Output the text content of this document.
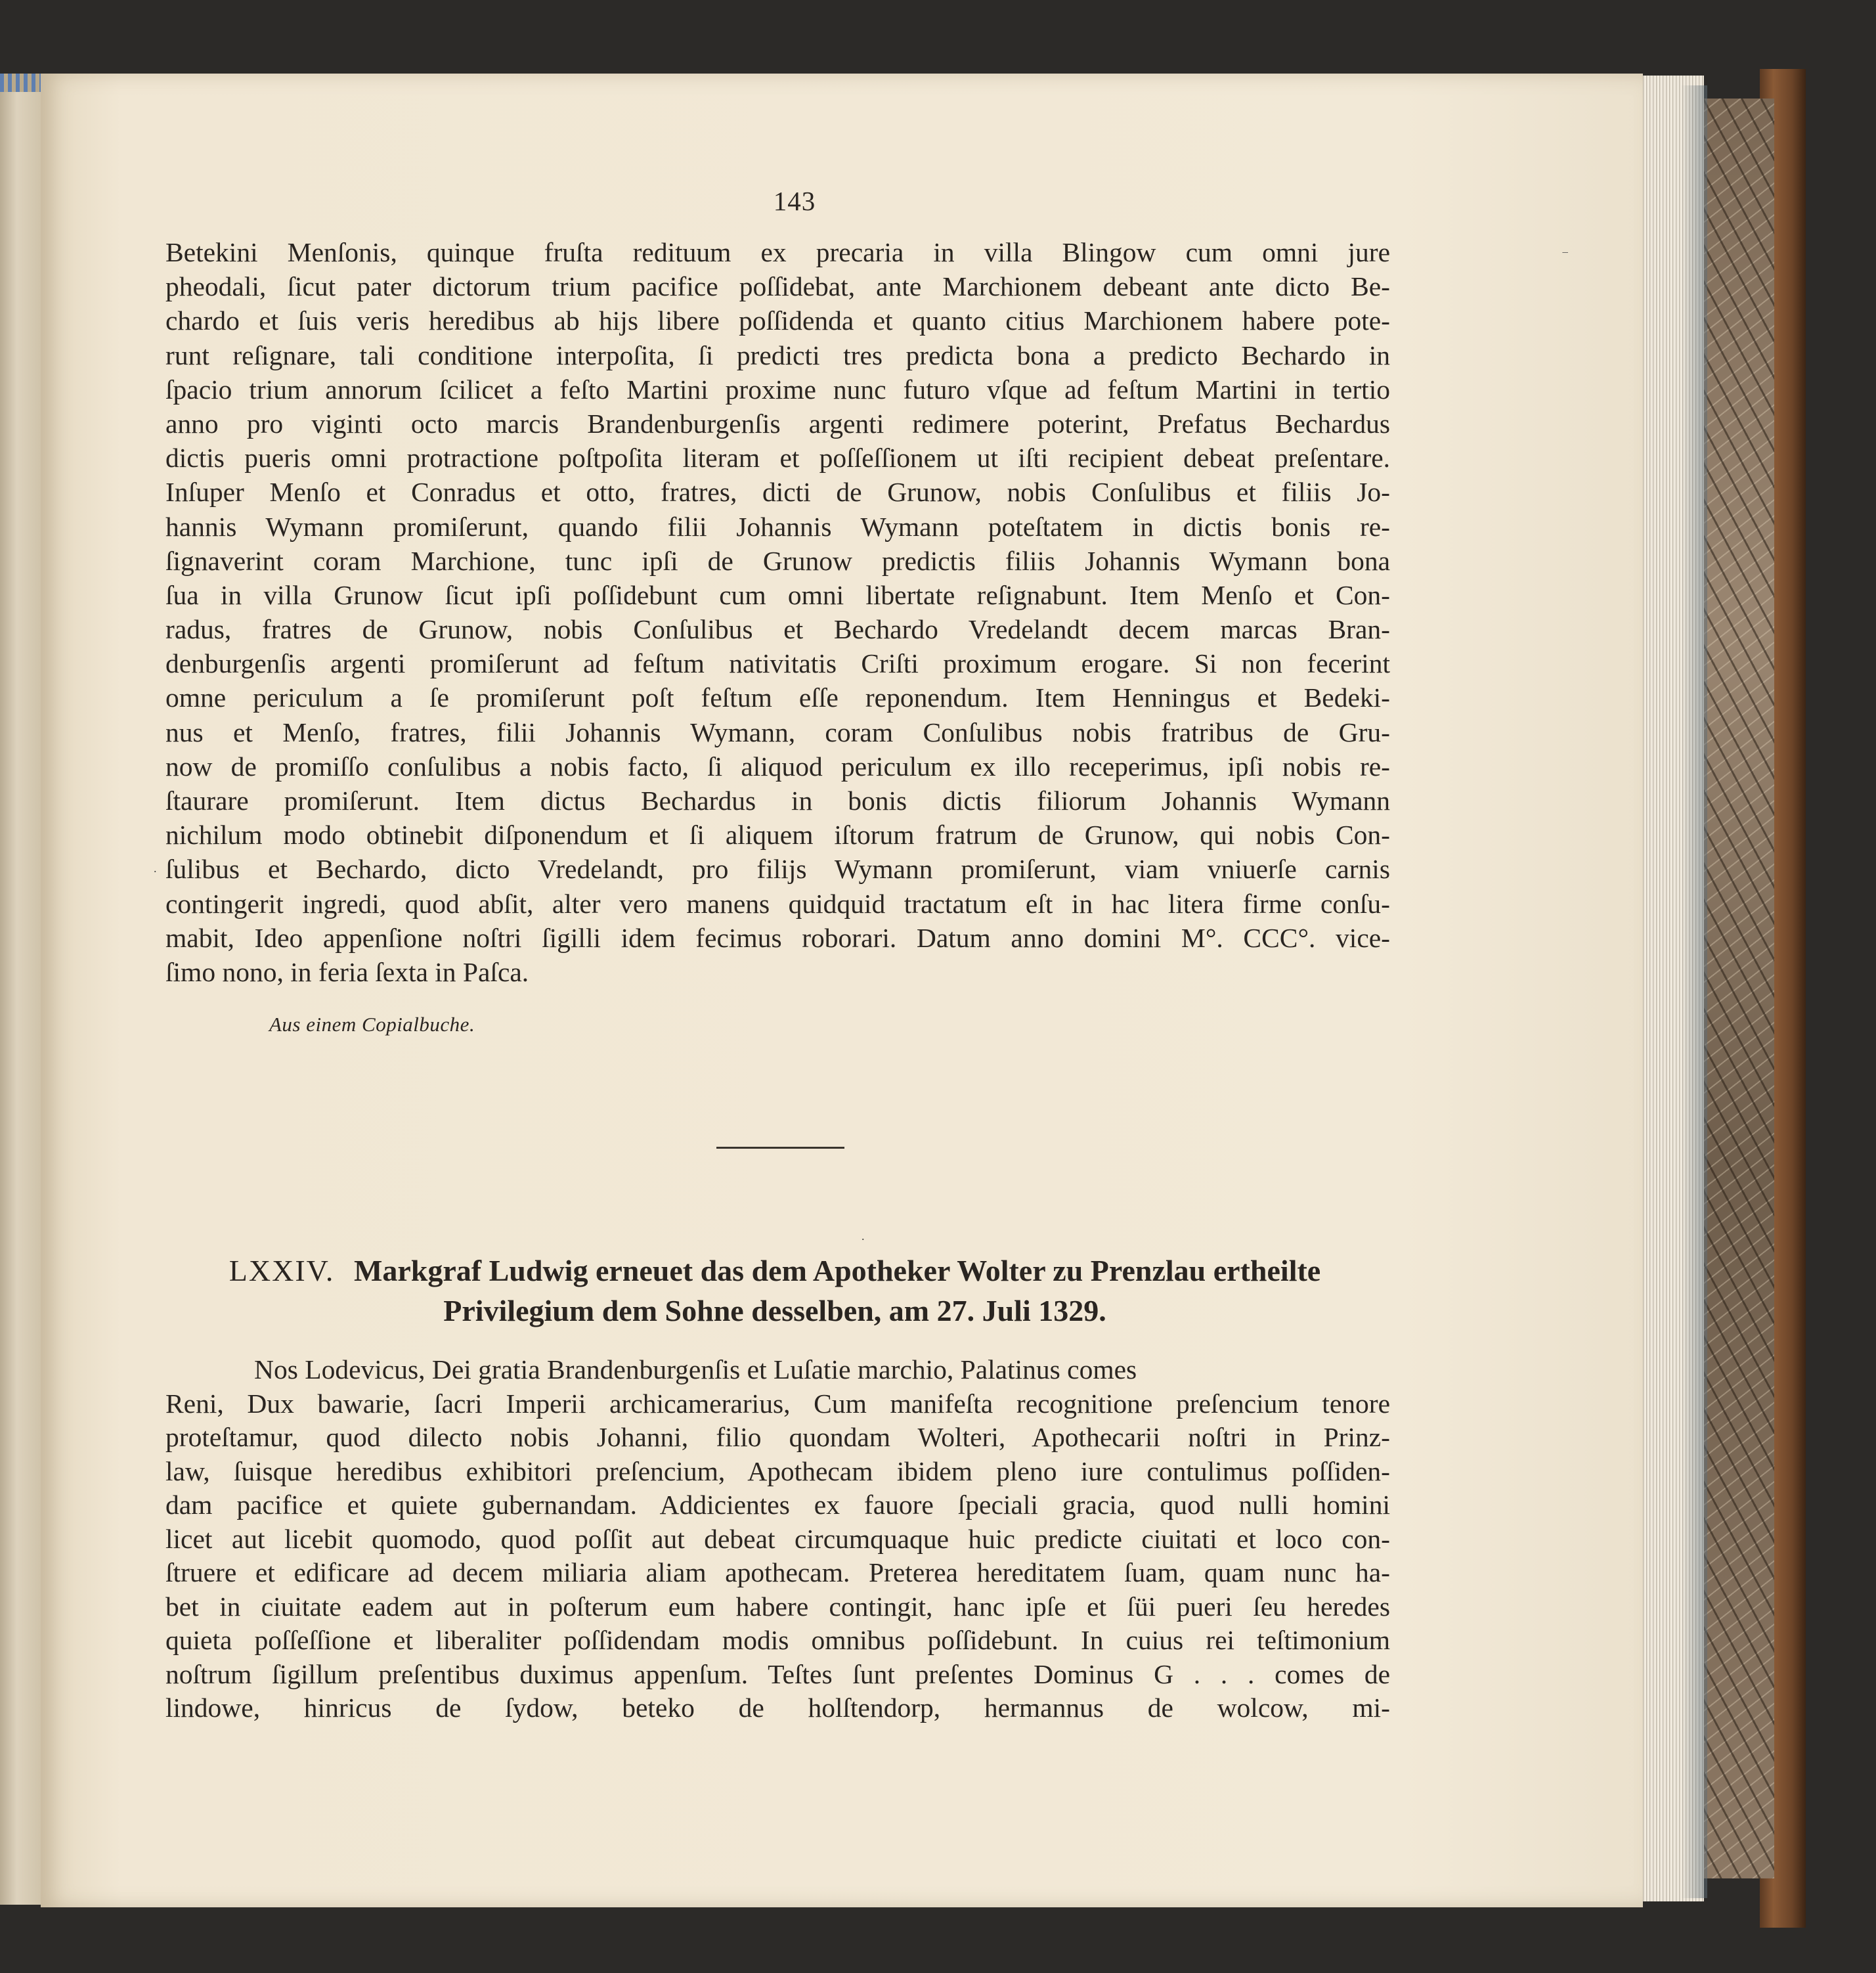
143
Betekini Menſonis, quinque fruſta redituum ex precaria in villa Blingow cum omni jure
pheodali, ſicut pater dictorum trium pacifice poſſidebat, ante Marchionem debeant ante dicto Be-
chardo et ſuis veris heredibus ab hijs libere poſſidenda et quanto citius Marchionem habere pote-
runt reſignare, tali conditione interpoſita, ſi predicti tres predicta bona a predicto Bechardo in
ſpacio trium annorum ſcilicet a feſto Martini proxime nunc futuro vſque ad feſtum Martini in tertio
anno pro viginti octo marcis Brandenburgenſis argenti redimere poterint, Prefatus Bechardus
dictis pueris omni protractione poſtpoſita literam et poſſeſſionem ut iſti recipient debeat preſentare.
Inſuper Menſo et Conradus et otto, fratres, dicti de Grunow, nobis Conſulibus et filiis Jo-
hannis Wymann promiſerunt, quando filii Johannis Wymann poteſtatem in dictis bonis re-
ſignaverint coram Marchione, tunc ipſi de Grunow predictis filiis Johannis Wymann bona
ſua in villa Grunow ſicut ipſi poſſidebunt cum omni libertate reſignabunt. Item Menſo et Con-
radus, fratres de Grunow, nobis Conſulibus et Bechardo Vredelandt decem marcas Bran-
denburgenſis argenti promiſerunt ad feſtum nativitatis Criſti proximum erogare. Si non fecerint
omne periculum a ſe promiſerunt poſt feſtum eſſe reponendum. Item Henningus et Bedeki-
nus et Menſo, fratres, filii Johannis Wymann, coram Conſulibus nobis fratribus de Gru-
now de promiſſo conſulibus a nobis facto, ſi aliquod periculum ex illo receperimus, ipſi nobis re-
ſtaurare promiſerunt. Item dictus Bechardus in bonis dictis filiorum Johannis Wymann
nichilum modo obtinebit diſponendum et ſi aliquem iſtorum fratrum de Grunow, qui nobis Con-
ſulibus et Bechardo, dicto Vredelandt, pro filijs Wymann promiſerunt, viam vniuerſe carnis
contingerit ingredi, quod abſit, alter vero manens quidquid tractatum eſt in hac litera firme conſu-
mabit, Ideo appenſione noſtri ſigilli idem fecimus roborari. Datum anno domini M°. CCC°. vice-
ſimo nono, in feria ſexta in Paſca.
Aus einem Copialbuche.
.
‾
.
LXXIV. Markgraf Ludwig erneuet das dem Apotheker Wolter zu Prenzlau ertheilte
Privilegium dem Sohne desselben, am 27. Juli 1329.
Nos Lodevicus, Dei gratia Brandenburgenſis et Luſatie marchio, Palatinus comes
Reni, Dux bawarie, ſacri Imperii archicamerarius, Cum manifeſta recognitione preſencium tenore
proteſtamur, quod dilecto nobis Johanni, filio quondam Wolteri, Apothecarii noſtri in Prinz-
law, ſuisque heredibus exhibitori preſencium, Apothecam ibidem pleno iure contulimus poſſiden-
dam pacifice et quiete gubernandam. Addicientes ex fauore ſpeciali gracia, quod nulli homini
licet aut licebit quomodo, quod poſſit aut debeat circumquaque huic predicte ciuitati et loco con-
ſtruere et edificare ad decem miliaria aliam apothecam. Preterea hereditatem ſuam, quam nunc ha-
bet in ciuitate eadem aut in poſterum eum habere contingit, hanc ipſe et ſüi pueri ſeu heredes
quieta poſſeſſione et liberaliter poſſidendam modis omnibus poſſidebunt. In cuius rei teſtimonium
noſtrum ſigillum preſentibus duximus appenſum. Teſtes ſunt preſentes Dominus G . . . comes de
lindowe, hinricus de ſydow, beteko de holſtendorp, hermannus de wolcow, mi-
